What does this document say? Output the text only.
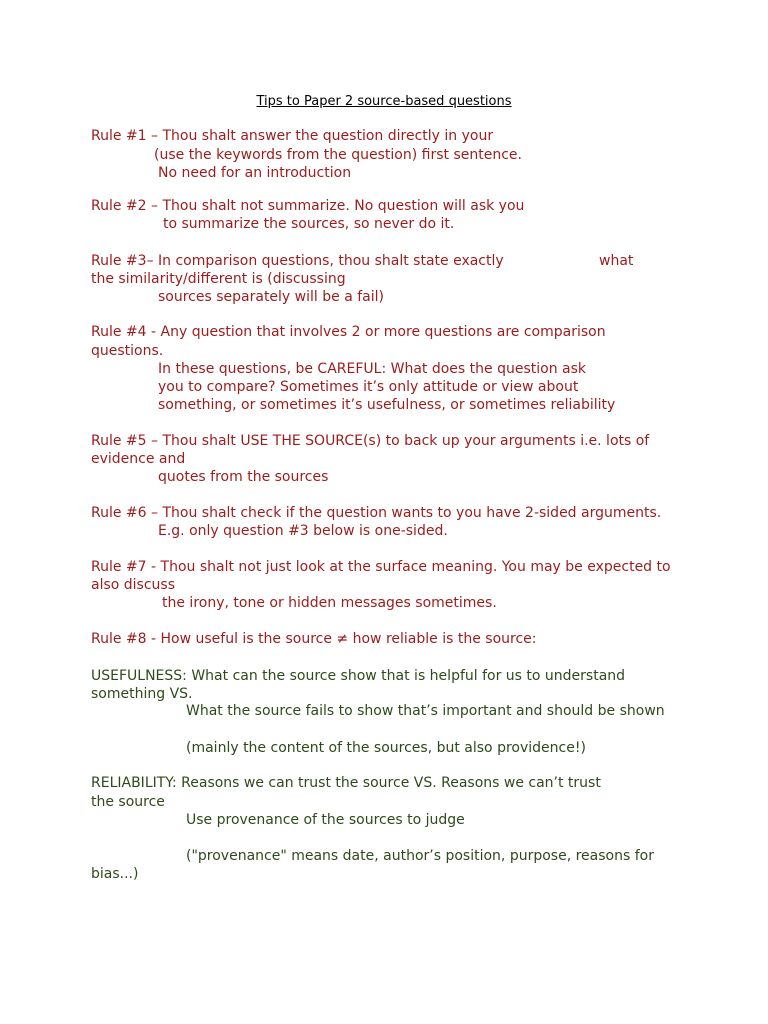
Tips to Paper 2 source-based questions
Rule #1 – Thou shalt answer the question directly in your
(use the keywords from the question) first sentence.
No need for an introduction
Rule #2 – Thou shalt not summarize. No question will ask you
to summarize the sources, so never do it.
Rule #3– In comparison questions, thou shalt state exactly	what
the similarity/different is (discussing
sources separately will be a fail)
Rule #4 - Any question that involves 2 or more questions are comparison
questions.
In these questions, be CAREFUL: What does the question ask
you to compare? Sometimes it’s only attitude or view about
something, or sometimes it’s usefulness, or sometimes reliability
Rule #5 – Thou shalt USE THE SOURCE(s) to back up your arguments i.e. lots of
evidence and
quotes from the sources
Rule #6 – Thou shalt check if the question wants to you have 2-sided arguments.
E.g. only question #3 below is one-sided.
Rule #7 - Thou shalt not just look at the surface meaning. You may be expected to
also discuss
the irony, tone or hidden messages sometimes.
Rule #8 - How useful is the source ≠ how reliable is the source:
USEFULNESS: What can the source show that is helpful for us to understand
something VS.
What the source fails to show that’s important and should be shown
(mainly the content of the sources, but also providence!)
RELIABILITY: Reasons we can trust the source VS. Reasons we can’t trust
the source
Use provenance of the sources to judge
("provenance" means date, author’s position, purpose, reasons for
bias...)
